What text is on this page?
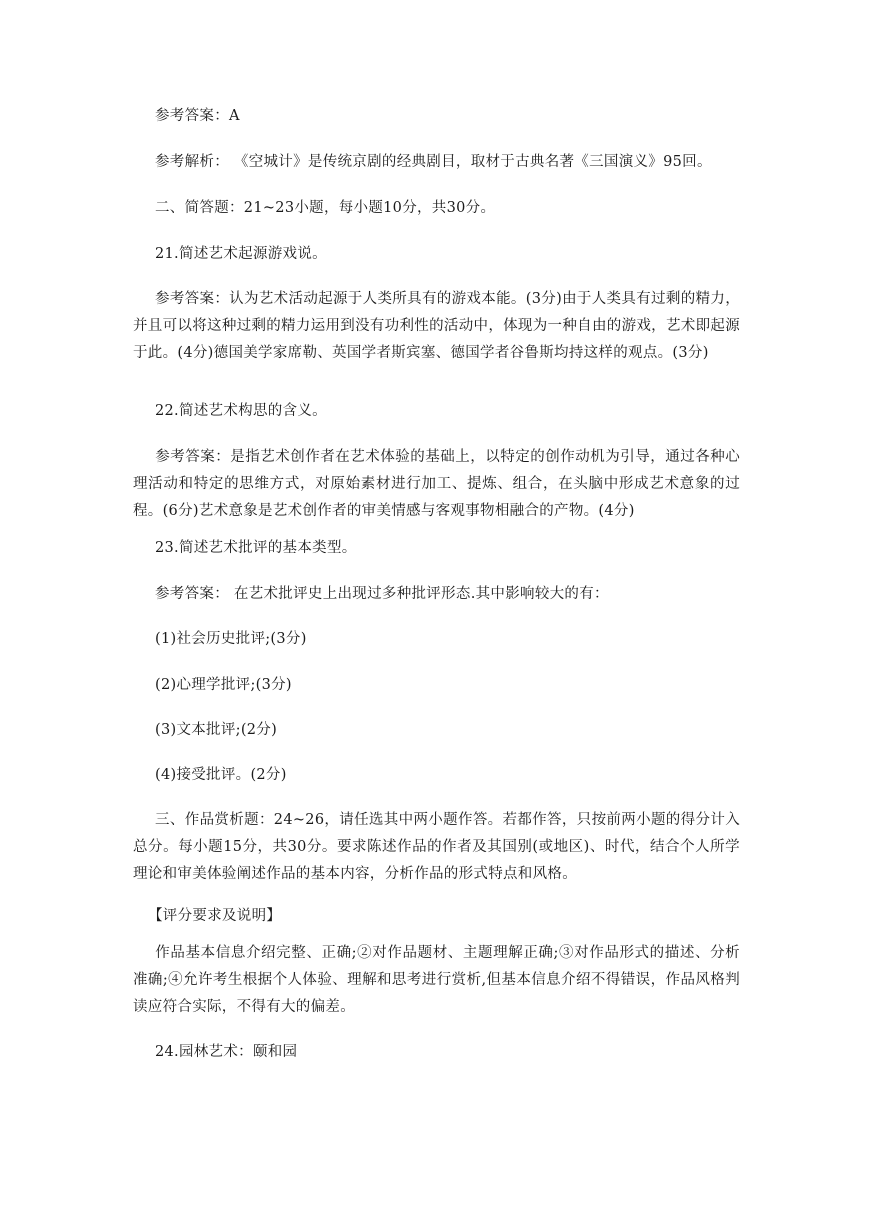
参考答案：A
参考解析： 《空城计》是传统京剧的经典剧目，取材于古典名著《三国演义》95回。
二、简答题：21~23小题，每小题10分，共30分。
21.简述艺术起源游戏说。
参考答案：认为艺术活动起源于人类所具有的游戏本能。(3分)由于人类具有过剩的精力，并且可以将这种过剩的精力运用到没有功利性的活动中，体现为一种自由的游戏，艺术即起源于此。(4分)德国美学家席勒、英国学者斯宾塞、德国学者谷鲁斯均持这样的观点。(3分)
22.简述艺术构思的含义。
参考答案：是指艺术创作者在艺术体验的基础上，以特定的创作动机为引导，通过各种心理活动和特定的思维方式，对原始素材进行加工、提炼、组合，在头脑中形成艺术意象的过程。(6分)艺术意象是艺术创作者的审美情感与客观事物相融合的产物。(4分)
23.简述艺术批评的基本类型。
参考答案： 在艺术批评史上出现过多种批评形态.其中影响较大的有：
(1)社会历史批评;(3分)
(2)心理学批评;(3分)
(3)文本批评;(2分)
(4)接受批评。(2分)
三、作品赏析题：24~26，请任选其中两小题作答。若都作答，只按前两小题的得分计入总分。每小题15分，共30分。要求陈述作品的作者及其国别(或地区)、时代，结合个人所学理论和审美体验阐述作品的基本内容，分析作品的形式特点和风格。
【评分要求及说明】
作品基本信息介绍完整、正确;②对作品题材、主题理解正确;③对作品形式的描述、分析准确;④允许考生根据个人体验、理解和思考进行赏析,但基本信息介绍不得错误，作品风格判读应符合实际，不得有大的偏差。
24.园林艺术：颐和园
